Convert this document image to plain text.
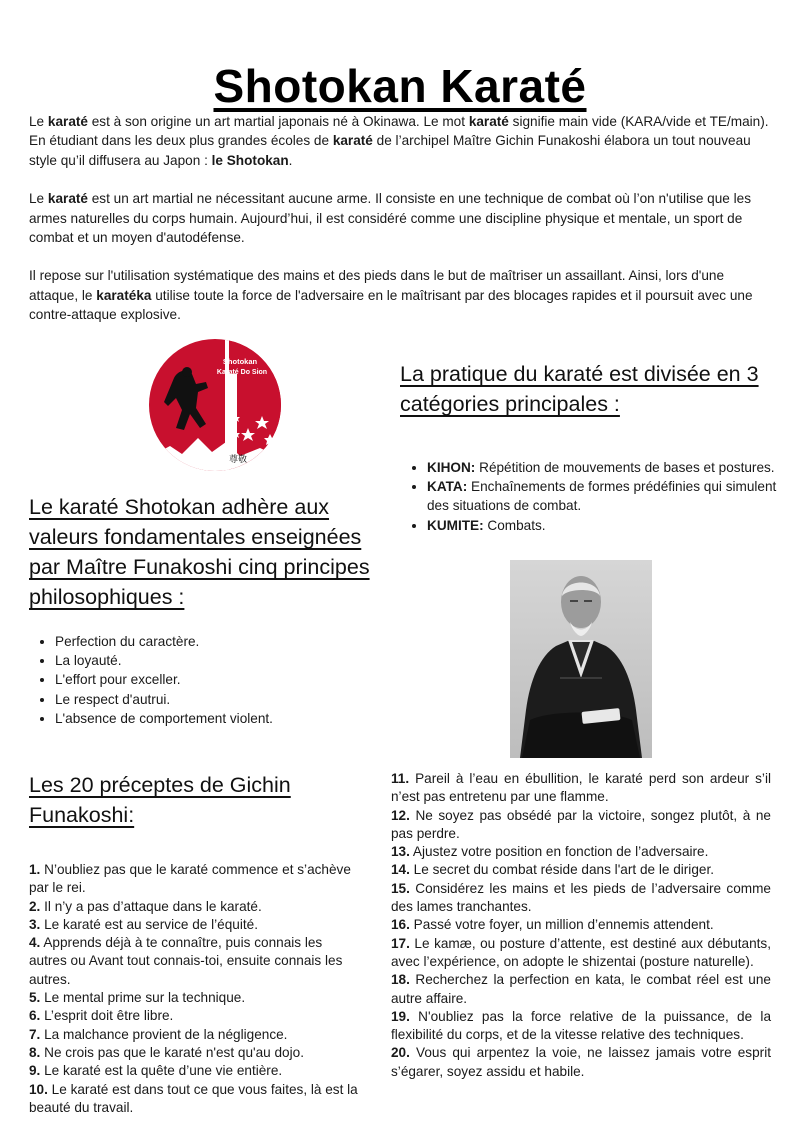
Shotokan Karaté

Le karaté est à son origine un art martial japonais né à Okinawa. Le mot karaté signifie main vide (KARA/vide et TE/main). En étudiant dans les deux plus grandes écoles de karaté de l’archipel Maître Gichin Funakoshi élabora un tout nouveau style qu’il diffusera au Japon : le Shotokan.

Le karaté est un art martial ne nécessitant aucune arme. Il consiste en une technique de combat où l’on n'utilise que les armes naturelles du corps humain. Aujourd’hui, il est considéré comme une discipline physique et mentale, un sport de combat et un moyen d'autodéfense.

Il repose sur l'utilisation systématique des mains et des pieds dans le but de maîtriser un assaillant. Ainsi, lors d'une attaque, le karatéka utilise toute la force de l'adversaire en le maîtrisant par des blocages rapides et il poursuit avec une contre-attaque explosive.

Shotokan
Karaté Do Sion
尊敬
La pratique du karaté est divisée en 3 catégories principales :
• KIHON: Répétition de mouvements de bases et postures.
• KATA: Enchaînements de formes prédéfinies qui simulent des situations de combat.
• KUMITE: Combats.
Le karaté Shotokan adhère aux valeurs fondamentales enseignées par Maître Funakoshi cinq principes philosophiques :
• Perfection du caractère.
• La loyauté.
• L'effort pour exceller.
• Le respect d'autrui.
• L'absence de comportement violent.
Les 20 préceptes de Gichin Funakoshi:
1. N’oubliez pas que le karaté commence et s’achève par le rei.
2. Il n’y a pas d’attaque dans le karaté.
3. Le karaté est au service de l’équité.
4. Apprends déjà à te connaître, puis connais les autres ou Avant tout connais-toi, ensuite connais les autres.
5. Le mental prime sur la technique.
6. L’esprit doit être libre.
7. La malchance provient de la négligence.
8. Ne crois pas que le karaté n'est qu'au dojo.
9. Le karaté est la quête d’une vie entière.
10. Le karaté est dans tout ce que vous faites, là est la beauté du travail.
11. Pareil à l’eau en ébullition, le karaté perd son ardeur s’il n’est pas entretenu par une flamme.
12. Ne soyez pas obsédé par la victoire, songez plutôt, à ne pas perdre.
13. Ajustez votre position en fonction de l’adversaire.
14. Le secret du combat réside dans l'art de le diriger.
15. Considérez les mains et les pieds de l’adversaire comme des lames tranchantes.
16. Passé votre foyer, un million d’ennemis attendent.
17. Le kamæ, ou posture d’attente, est destiné aux débutants, avec l’expérience, on adopte le shizentai (posture naturelle).
18. Recherchez la perfection en kata, le combat réel est une autre affaire.
19. N'oubliez pas la force relative de la puissance, de la flexibilité du corps, et de la vitesse relative des techniques.
20. Vous qui arpentez la voie, ne laissez jamais votre esprit s’égarer, soyez assidu et habile.
